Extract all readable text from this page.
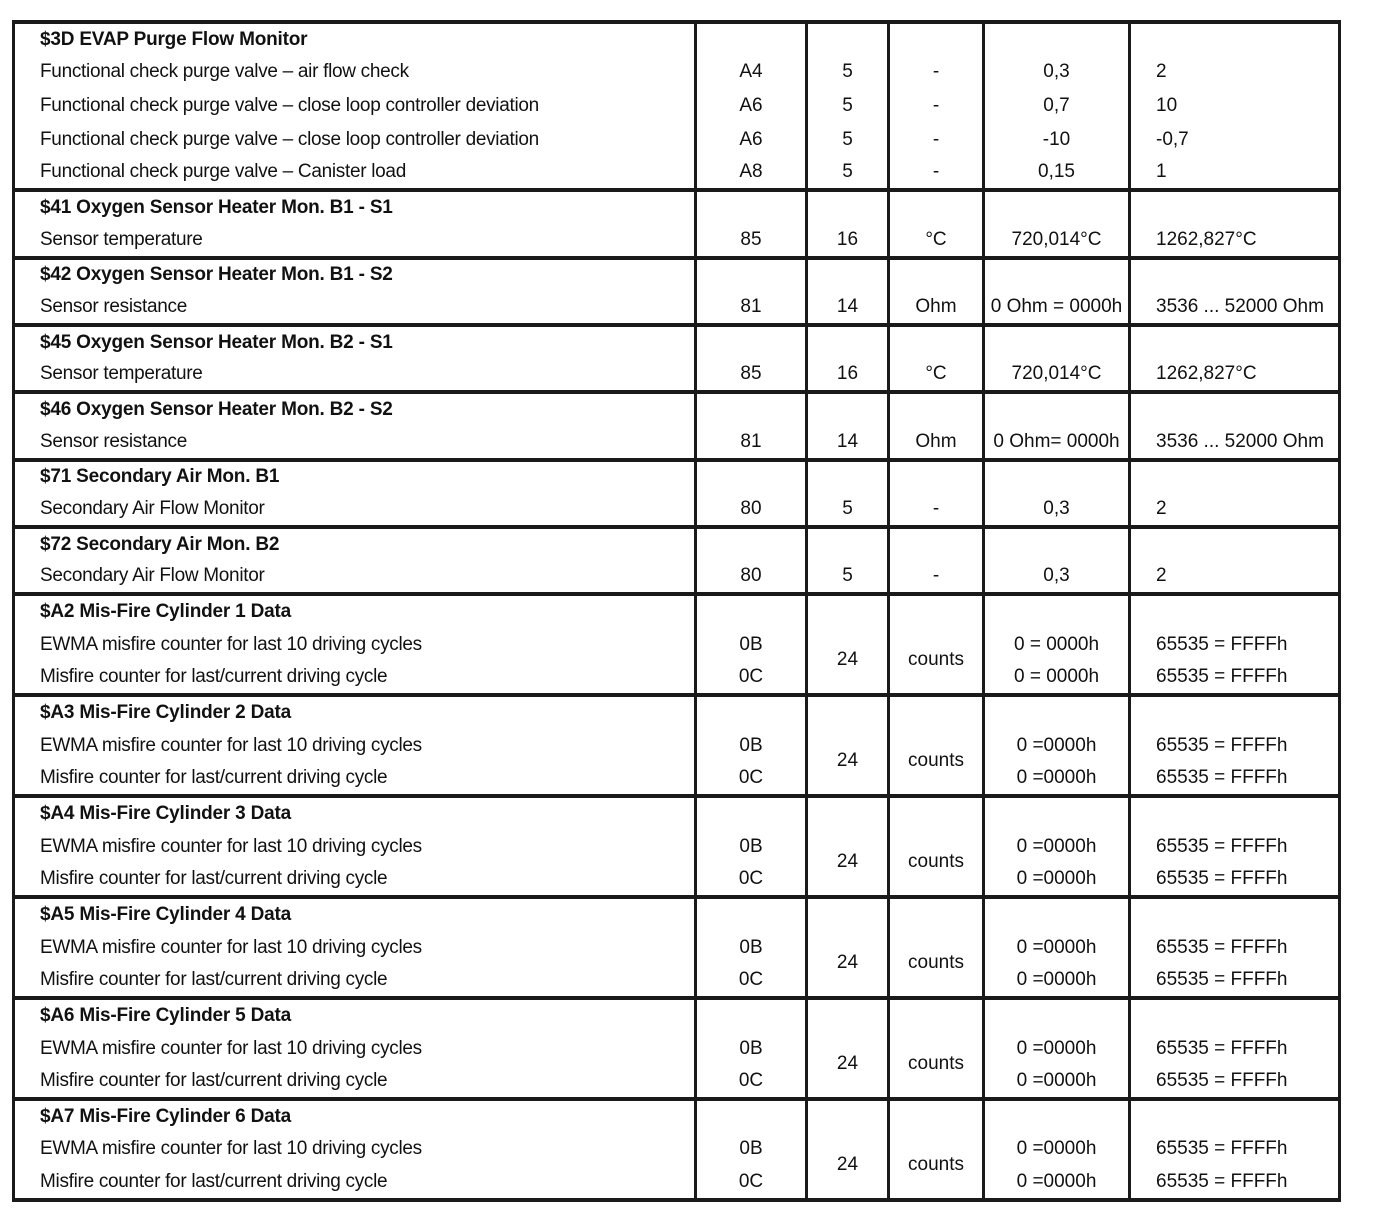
$3D EVAP Purge Flow Monitor					
Functional check purge valve – air flow check	A4	5	-	0,3	2
Functional check purge valve – close loop controller deviation	A6	5	-	0,7	10
Functional check purge valve – close loop controller deviation	A6	5	-	-10	-0,7
Functional check purge valve – Canister load	A8	5	-	0,15	1
$41 Oxygen Sensor Heater Mon. B1 - S1					
Sensor temperature	85	16	°C	720,014°C	1262,827°C
$42 Oxygen Sensor Heater Mon. B1 - S2					
Sensor resistance	81	14	Ohm	0 Ohm = 0000h	3536 ... 52000 Ohm
$45 Oxygen Sensor Heater Mon. B2 - S1					
Sensor temperature	85	16	°C	720,014°C	1262,827°C
$46 Oxygen Sensor Heater Mon. B2 - S2					
Sensor resistance	81	14	Ohm	0 Ohm= 0000h	3536 ... 52000 Ohm
$71 Secondary Air Mon. B1					
Secondary Air Flow Monitor	80	5	-	0,3	2
$72 Secondary Air Mon. B2					
Secondary Air Flow Monitor	80	5	-	0,3	2
$A2 Mis-Fire Cylinder 1 Data					
EWMA misfire counter for last 10 driving cycles	0B	24	counts	0 = 0000h	65535 = FFFFh
Misfire counter for last/current driving cycle	0C			0 = 0000h	65535 = FFFFh
$A3 Mis-Fire Cylinder 2 Data					
EWMA misfire counter for last 10 driving cycles	0B	24	counts	0 =0000h	65535 = FFFFh
Misfire counter for last/current driving cycle	0C			0 =0000h	65535 = FFFFh
$A4 Mis-Fire Cylinder 3 Data					
EWMA misfire counter for last 10 driving cycles	0B	24	counts	0 =0000h	65535 = FFFFh
Misfire counter for last/current driving cycle	0C			0 =0000h	65535 = FFFFh
$A5 Mis-Fire Cylinder 4 Data					
EWMA misfire counter for last 10 driving cycles	0B	24	counts	0 =0000h	65535 = FFFFh
Misfire counter for last/current driving cycle	0C			0 =0000h	65535 = FFFFh
$A6 Mis-Fire Cylinder 5 Data					
EWMA misfire counter for last 10 driving cycles	0B	24	counts	0 =0000h	65535 = FFFFh
Misfire counter for last/current driving cycle	0C			0 =0000h	65535 = FFFFh
$A7 Mis-Fire Cylinder 6 Data					
EWMA misfire counter for last 10 driving cycles	0B	24	counts	0 =0000h	65535 = FFFFh
Misfire counter for last/current driving cycle	0C			0 =0000h	65535 = FFFFh
